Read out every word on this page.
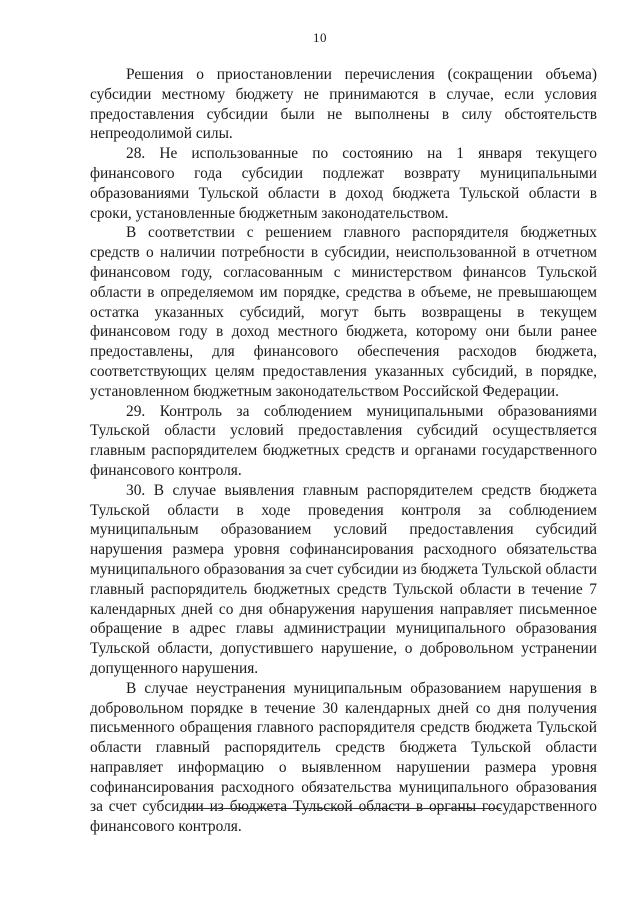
10

Решения о приостановлении перечисления (сокращении объема) субсидии местному бюджету не принимаются в случае, если условия предоставления субсидии были не выполнены в силу обстоятельств непреодолимой силы.

28. Не использованные по состоянию на 1 января текущего финансового года субсидии подлежат возврату муниципальными образованиями Тульской области в доход бюджета Тульской области в сроки, установленные бюджетным законодательством.

В соответствии с решением главного распорядителя бюджетных средств о наличии потребности в субсидии, неиспользованной в отчетном финансовом году, согласованным с министерством финансов Тульской области в определяемом им порядке, средства в объеме, не превышающем остатка указанных субсидий, могут быть возвращены в текущем финансовом году в доход местного бюджета, которому они были ранее предоставлены, для финансового обеспечения расходов бюджета, соответствующих целям предоставления указанных субсидий, в порядке, установленном бюджетным законодательством Российской Федерации.

29. Контроль за соблюдением муниципальными образованиями Тульской области условий предоставления субсидий осуществляется главным распорядителем бюджетных средств и органами государственного финансового контроля.

30. В случае выявления главным распорядителем средств бюджета Тульской области в ходе проведения контроля за соблюдением муниципальным образованием условий предоставления субсидий нарушения размера уровня софинансирования расходного обязательства муниципального образования за счет субсидии из бюджета Тульской области главный распорядитель бюджетных средств Тульской области в течение 7 календарных дней со дня обнаружения нарушения направляет письменное обращение в адрес главы администрации муниципального образования Тульской области, допустившего нарушение, о добровольном устранении допущенного нарушения.

В случае неустранения муниципальным образованием нарушения в добровольном порядке в течение 30 календарных дней со дня получения письменного обращения главного распорядителя средств бюджета Тульской области главный распорядитель средств бюджета Тульской области направляет информацию о выявленном нарушении размера уровня софинансирования расходного обязательства муниципального образования за счет субсидии из бюджета Тульской области в органы государственного финансового контроля.
